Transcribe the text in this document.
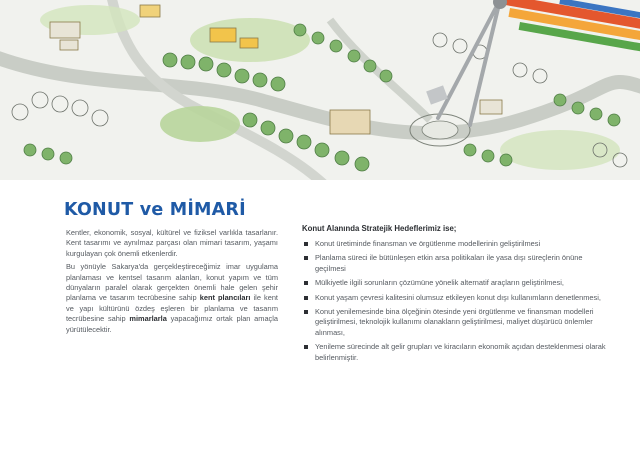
KONUT ve MİMARİ

Kentler, ekonomik, sosyal, kültürel ve fiziksel varlıkla tasarlanır. Kent tasarımı ve aynılmaz parçası olan mimari tasarım, yaşamı kurgulayan çok önemli etkenlerdir.

Bu yönüyle Sakarya'da gerçekleştireceğimiz imar uygulama planlaması ve kentsel tasarım alanları, konut yapım ve tüm dünyaların paralel olarak gerçekten önemli hale gelen şehir planlama ve tasarım tecrübesine sahip kent plancıları ile kent ve yapı kültürünü özdeş eşleren bir planlama ve tasarım tecrübesine sahip mimarlarla yapacağımız ortak plan amaçla yürütülecektir.

Konut Alanında Stratejik Hedeflerimiz ise;

Konut üretiminde finansman ve örgütlenme modellerinin geliştirilmesi
Planlama süreci ile bütünleşen etkin arsa politikaları ile yasa dışı süreçlerin önüne geçilmesi
Mülkiyetle ilgili sorunların çözümüne yönelik alternatif araçların geliştirilmesi,
Konut yaşam çevresi kalitesini olumsuz etkileyen konut dışı kullanımların denetlenmesi,
Konut yenilemesinde bina ölçeğinin ötesinde yeni örgütlenme ve finansman modelleri geliştirilmesi, teknolojik kullanımı olanakların geliştirilmesi, maliyet düşürücü önlemler alınması,
Yenileme sürecinde alt gelir grupları ve kiracıların ekonomik açıdan desteklenmesi olarak belirlenmiştir.
